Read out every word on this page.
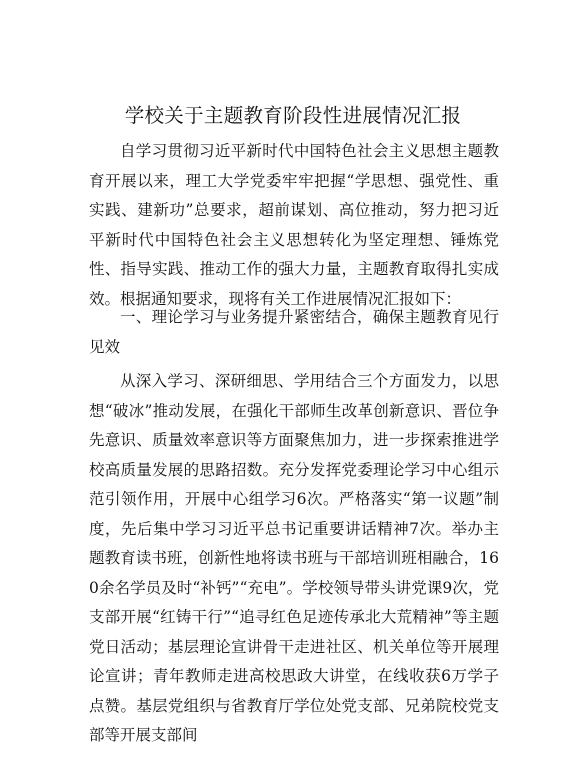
学校关于主题教育阶段性进展情况汇报

自学习贯彻习近平新时代中国特色社会主义思想主题教育开展以来，理工大学党委牢牢把握“学思想、强党性、重实践、建新功”总要求，超前谋划、高位推动，努力把习近平新时代中国特色社会主义思想转化为坚定理想、锤炼党性、指导实践、推动工作的强大力量，主题教育取得扎实成效。根据通知要求，现将有关工作进展情况汇报如下：

一、理论学习与业务提升紧密结合，确保主题教育见行见效

从深入学习、深研细思、学用结合三个方面发力，以思想“破冰”推动发展，在强化干部师生改革创新意识、晋位争先意识、质量效率意识等方面聚焦加力，进一步探索推进学校高质量发展的思路招数。充分发挥党委理论学习中心组示范引领作用，开展中心组学习6次。严格落实“第一议题”制度，先后集中学习习近平总书记重要讲话精神7次。举办主题教育读书班，创新性地将读书班与干部培训班相融合，160余名学员及时“补钙”“充电”。学校领导带头讲党课9次，党支部开展“红铸干行”“追寻红色足迹传承北大荒精神”等主题党日活动；基层理论宣讲骨干走进社区、机关单位等开展理论宣讲；青年教师走进高校思政大讲堂，在线收获6万学子点赞。基层党组织与省教育厅学位处党支部、兄弟院校党支部等开展支部间
